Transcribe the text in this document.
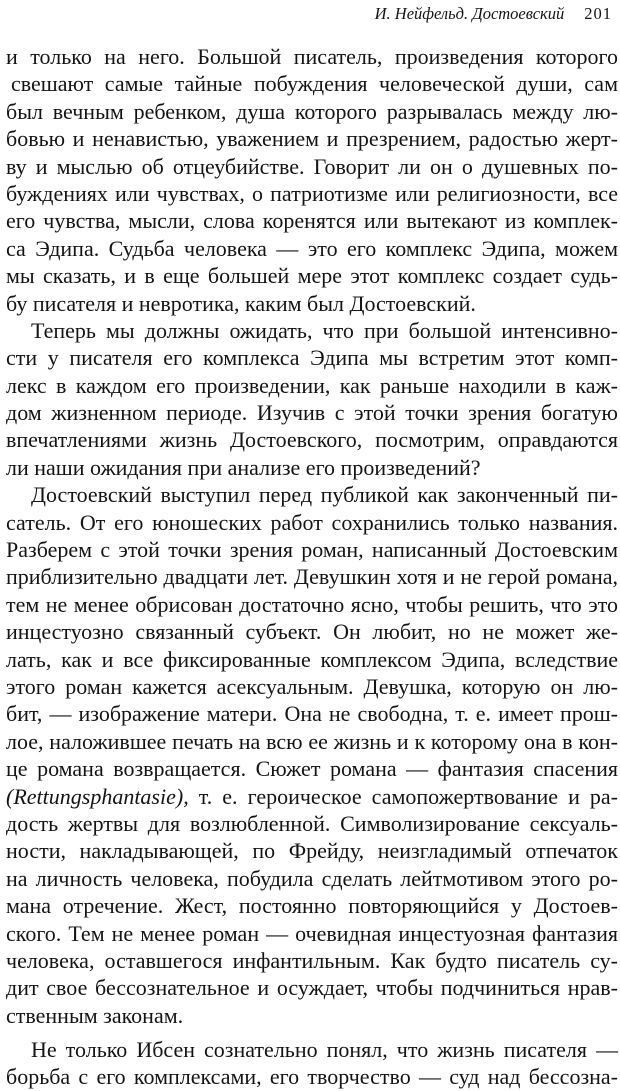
И. Нейфельд. Достоевский 201
и только на него. Большой писатель, произведения которого
свешают самые тайные побуждения человеческой души, сам
был вечным ребенком, душа которого разрывалась между лю-
бовью и ненавистью, уважением и презрением, радостью жерт-
ву и мыслью об отцеубийстве. Говорит ли он о душевных по-
буждениях или чувствах, о патриотизме или религиозности, все
его чувства, мысли, слова коренятся или вытекают из комплек-
са Эдипа. Судьба человека — это его комплекс Эдипа, можем
мы сказать, и в еще большей мере этот комплекс создает судь-
бу писателя и невротика, каким был Достоевский.
Теперь мы должны ожидать, что при большой интенсивно-
сти у писателя его комплекса Эдипа мы встретим этот комп-
лекс в каждом его произведении, как раньше находили в каж-
дом жизненном периоде. Изучив с этой точки зрения богатую
впечатлениями жизнь Достоевского, посмотрим, оправдаются
ли наши ожидания при анализе его произведений?
Достоевский выступил перед публикой как законченный пи-
сатель. От его юношеских работ сохранились только названия.
Разберем с этой точки зрения роман, написанный Достоевским
приблизительно двадцати лет. Девушкин хотя и не герой романа,
тем не менее обрисован достаточно ясно, чтобы решить, что это
инцестуозно связанный субъект. Он любит, но не может же-
лать, как и все фиксированные комплексом Эдипа, вследствие
этого роман кажется асексуальным. Девушка, которую он лю-
бит, — изображение матери. Она не свободна, т. е. имеет прош-
лое, наложившее печать на всю ее жизнь и к которому она в кон-
це романа возвращается. Сюжет романа — фантазия спасения
(Rettungsphantasie), т. е. героическое самопожертвование и ра-
дость жертвы для возлюбленной. Символизирование сексуаль-
ности, накладывающей, по Фрейду, неизгладимый отпечаток
на личность человека, побудила сделать лейтмотивом этого ро-
мана отречение. Жест, постоянно повторяющийся у Достоев-
ского. Тем не менее роман — очевидная инцестуозная фантазия
человека, оставшегося инфантильным. Как будто писатель су-
дит свое бессознательное и осуждает, чтобы подчиниться нрав-
ственным законам.
Не только Ибсен сознательно понял, что жизнь писателя —
борьба с его комплексами, его творчество — суд над бессозна-
